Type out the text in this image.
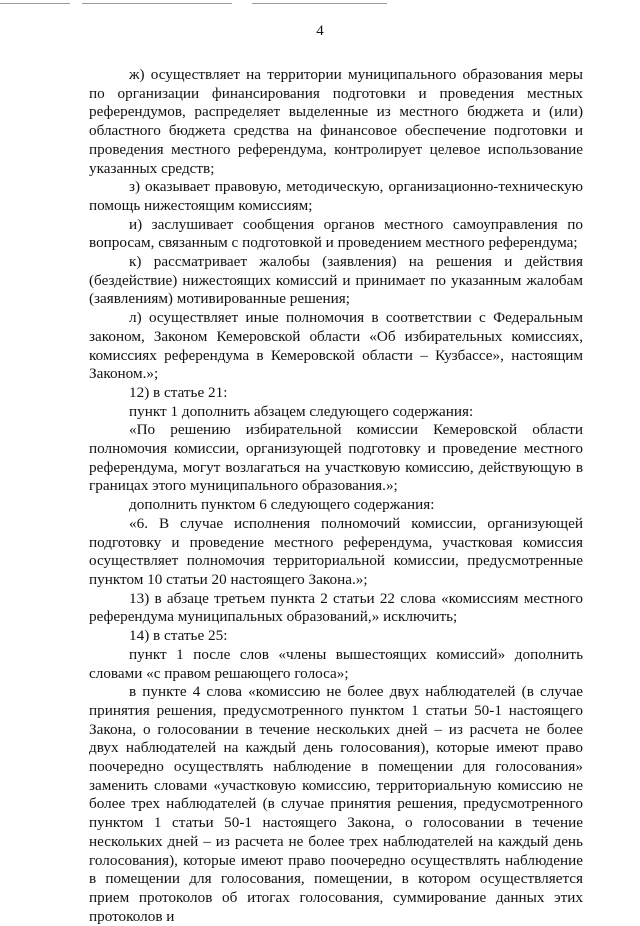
4

ж) осуществляет на территории муниципального образования меры по организации финансирования подготовки и проведения местных референдумов, распределяет выделенные из местного бюджета и (или) областного бюджета средства на финансовое обеспечение подготовки и проведения местного референдума, контролирует целевое использование указанных средств;

з) оказывает правовую, методическую, организационно-техническую помощь нижестоящим комиссиям;

и) заслушивает сообщения органов местного самоуправления по вопросам, связанным с подготовкой и проведением местного референдума;

к) рассматривает жалобы (заявления) на решения и действия (бездействие) нижестоящих комиссий и принимает по указанным жалобам (заявлениям) мотивированные решения;

л) осуществляет иные полномочия в соответствии с Федеральным законом, Законом Кемеровской области «Об избирательных комиссиях, комиссиях референдума в Кемеровской области – Кузбассе», настоящим Законом.»;

12) в статье 21:

пункт 1 дополнить абзацем следующего содержания:

«По решению избирательной комиссии Кемеровской области полномочия комиссии, организующей подготовку и проведение местного референдума, могут возлагаться на участковую комиссию, действующую в границах этого муниципального образования.»;

дополнить пунктом 6 следующего содержания:

«6. В случае исполнения полномочий комиссии, организующей подготовку и проведение местного референдума, участковая комиссия осуществляет полномочия территориальной комиссии, предусмотренные пунктом 10 статьи 20 настоящего Закона.»;

13) в абзаце третьем пункта 2 статьи 22 слова «комиссиям местного референдума муниципальных образований,» исключить;

14) в статье 25:

пункт 1 после слов «члены вышестоящих комиссий» дополнить словами «с правом решающего голоса»;

в пункте 4 слова «комиссию не более двух наблюдателей (в случае принятия решения, предусмотренного пунктом 1 статьи 50-1 настоящего Закона, о голосовании в течение нескольких дней – из расчета не более двух наблюдателей на каждый день голосования), которые имеют право поочередно осуществлять наблюдение в помещении для голосования» заменить словами «участковую комиссию, территориальную комиссию не более трех наблюдателей (в случае принятия решения, предусмотренного пунктом 1 статьи 50-1 настоящего Закона, о голосовании в течение нескольких дней – из расчета не более трех наблюдателей на каждый день голосования), которые имеют право поочередно осуществлять наблюдение в помещении для голосования, помещении, в котором осуществляется прием протоколов об итогах голосования, суммирование данных этих протоколов и
